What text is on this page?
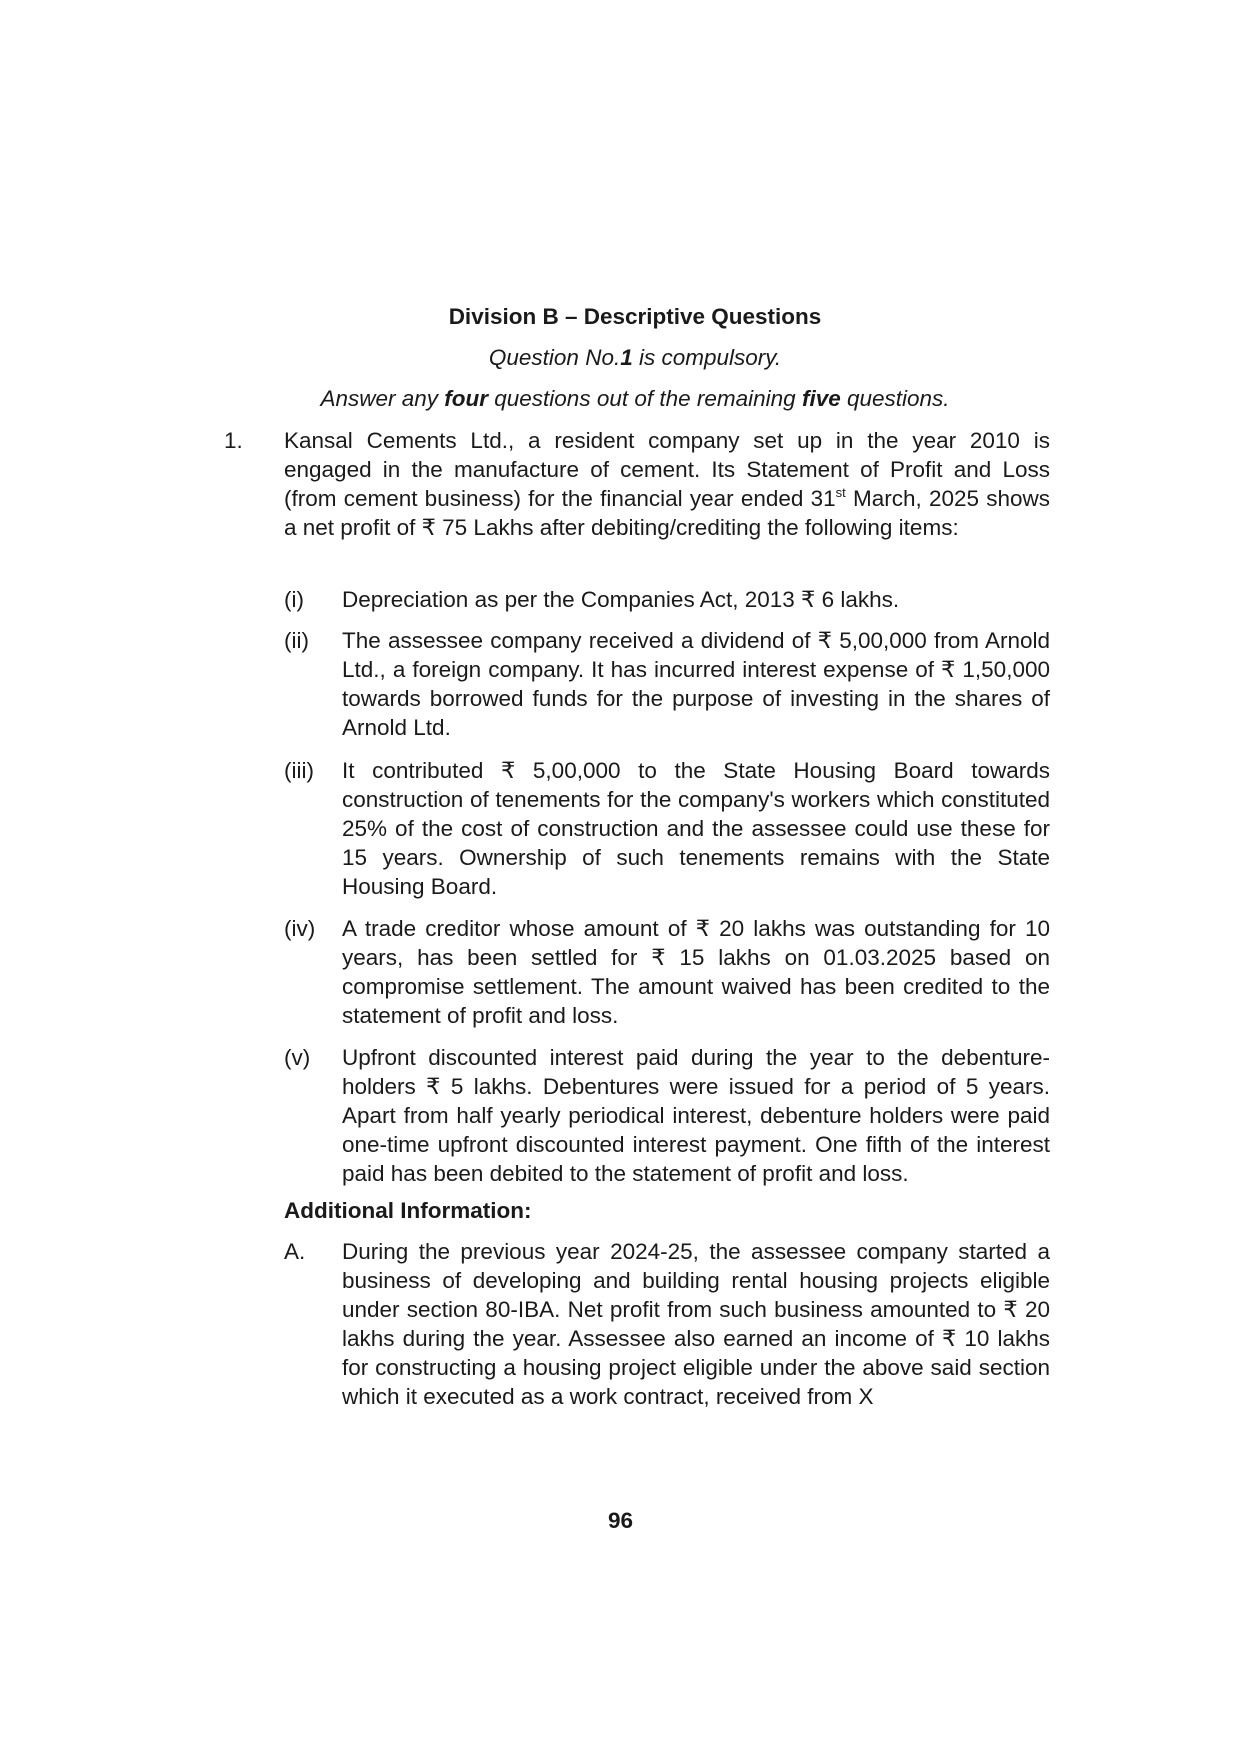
Division B – Descriptive Questions
Question No.1 is compulsory.
Answer any four questions out of the remaining five questions.
1. Kansal Cements Ltd., a resident company set up in the year 2010 is engaged in the manufacture of cement. Its Statement of Profit and Loss (from cement business) for the financial year ended 31st March, 2025 shows a net profit of ₹ 75 Lakhs after debiting/crediting the following items:
(i) Depreciation as per the Companies Act, 2013 ₹ 6 lakhs.
(ii) The assessee company received a dividend of ₹ 5,00,000 from Arnold Ltd., a foreign company. It has incurred interest expense of ₹ 1,50,000 towards borrowed funds for the purpose of investing in the shares of Arnold Ltd.
(iii) It contributed ₹ 5,00,000 to the State Housing Board towards construction of tenements for the company's workers which constituted 25% of the cost of construction and the assessee could use these for 15 years. Ownership of such tenements remains with the State Housing Board.
(iv) A trade creditor whose amount of ₹ 20 lakhs was outstanding for 10 years, has been settled for ₹ 15 lakhs on 01.03.2025 based on compromise settlement. The amount waived has been credited to the statement of profit and loss.
(v) Upfront discounted interest paid during the year to the debenture-holders ₹ 5 lakhs. Debentures were issued for a period of 5 years. Apart from half yearly periodical interest, debenture holders were paid one-time upfront discounted interest payment. One fifth of the interest paid has been debited to the statement of profit and loss.
Additional Information:
A. During the previous year 2024-25, the assessee company started a business of developing and building rental housing projects eligible under section 80-IBA. Net profit from such business amounted to ₹ 20 lakhs during the year. Assessee also earned an income of ₹ 10 lakhs for constructing a housing project eligible under the above said section which it executed as a work contract, received from X
96
